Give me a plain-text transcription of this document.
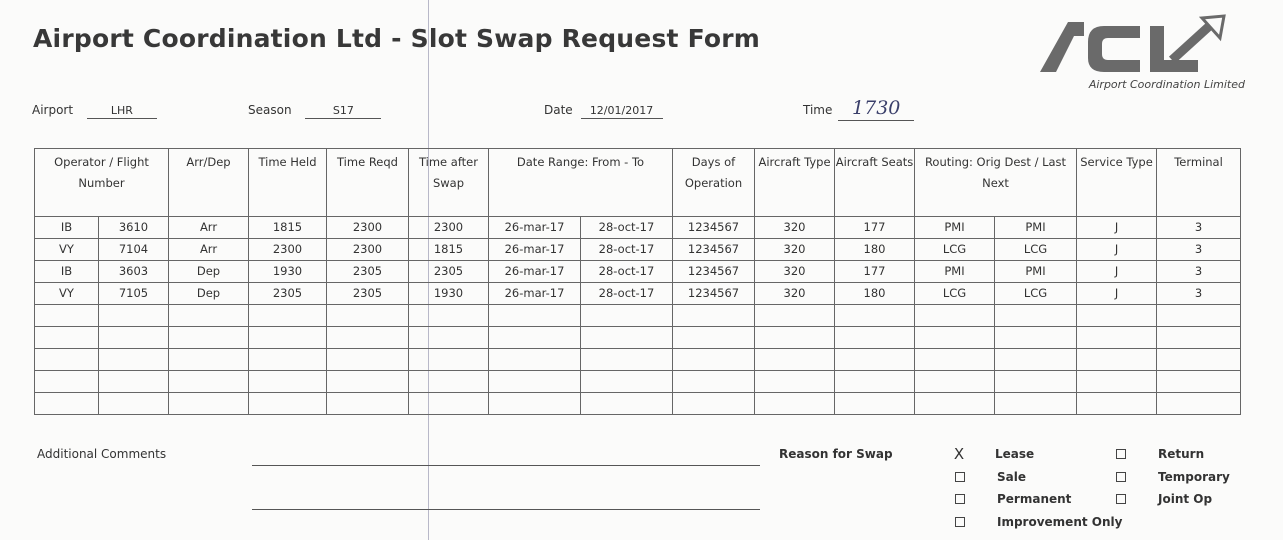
Airport Coordination Ltd - Slot Swap Request Form
Airport Coordination Limited
Airport	LHR	Season	S17	Date 12/01/2017	Time 1730
Operator / Flight Number		Arr/Dep	Time Held	Time Reqd	Time after Swap	Date Range: From - To		Days of Operation	Aircraft Type	Aircraft Seats	Routing: Orig Dest / Last Next		Service Type	Terminal
IB	3610	Arr	1815	2300	2300	26-mar-17	28-oct-17	1234567	320	177	PMI	PMI	J	3
VY	7104	Arr	2300	2300	1815	26-mar-17	28-oct-17	1234567	320	180	LCG	LCG	J	3
IB	3603	Dep	1930	2305	2305	26-mar-17	28-oct-17	1234567	320	177	PMI	PMI	J	3
VY	7105	Dep	2305	2305	1930	26-mar-17	28-oct-17	1234567	320	180	LCG	LCG	J	3

Additional Comments	Reason for Swap	X	Lease	Return
Sale	Temporary
Permanent	Joint Op
Improvement Only
